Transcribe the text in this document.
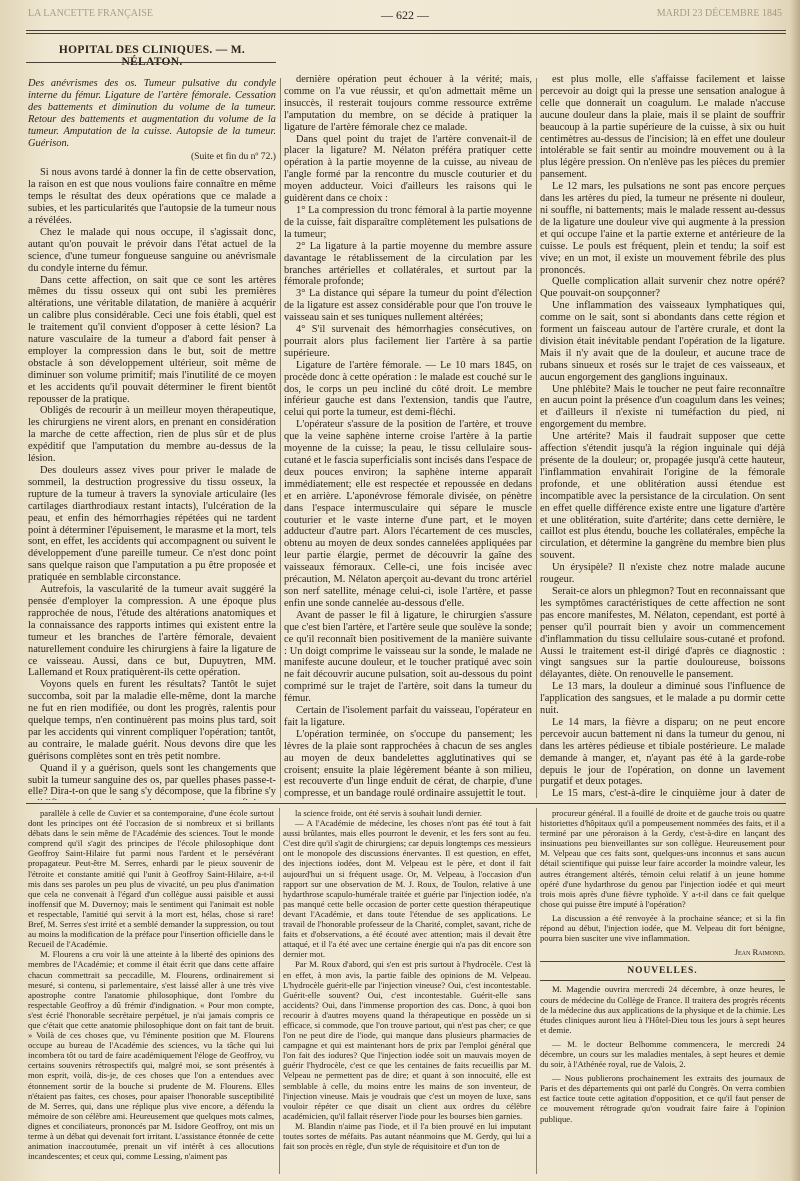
LA LANCETTE FRANÇAISE	— 622 —	MARDI 23 DÉCEMBRE 1845
HOPITAL DES CLINIQUES. — M. NÉLATON.

Des anévrismes des os. Tumeur pulsative du condyle interne du fémur. Ligature de l'artère fémorale. Cessation des battements et diminution du volume de la tumeur. Retour des battements et augmentation du volume de la tumeur. Amputation de la cuisse. Autopsie de la tumeur. Guérison.

(Suite et fin du nº 72.)

Si nous avons tardé à donner la fin de cette observation, la raison en est que nous voulions faire connaître en même temps le résultat des deux opérations que ce malade a subies, et les particularités que l'autopsie de la tumeur nous a révélées.

Chez le malade qui nous occupe, il s'agissait donc, autant qu'on pouvait le prévoir dans l'état actuel de la science, d'une tumeur fongueuse sanguine ou anévrismale du condyle interne du fémur.

Dans cette affection, on sait que ce sont les artères mêmes du tissu osseux qui ont subi les premières altérations, une véritable dilatation, de manière à acquérir un calibre plus considérable. Ceci une fois établi, quel est le traitement qu'il convient d'opposer à cette lésion? La nature vasculaire de la tumeur a d'abord fait penser à employer la compression dans le but, soit de mettre obstacle à son développement ultérieur, soit même de diminuer son volume primitif; mais l'inutilité de ce moyen et les accidents qu'il pouvait déterminer le firent bientôt repousser de la pratique.

Obligés de recourir à un meilleur moyen thérapeutique, les chirurgiens ne virent alors, en prenant en considération la marche de cette affection, rien de plus sûr et de plus expéditif que l'amputation du membre au-dessus de la lésion.

Des douleurs assez vives pour priver le malade de sommeil, la destruction progressive du tissu osseux, la rupture de la tumeur à travers la synoviale articulaire (les cartilages diarthrodiaux restant intacts), l'ulcération de la peau, et enfin des hémorrhagies répétées qui ne tardent point à déterminer l'épuisement, le marasme et la mort, tels sont, en effet, les accidents qui accompagnent ou suivent le développement d'une pareille tumeur. Ce n'est donc point sans quelque raison que l'amputation a pu être proposée et pratiquée en semblable circonstance.

Autrefois, la vascularité de la tumeur avait suggéré la pensée d'employer la compression. A une époque plus rapprochée de nous, l'étude des altérations anatomiques et la connaissance des rapports intimes qui existent entre la tumeur et les branches de l'artère fémorale, devaient naturellement conduire les chirurgiens à faire la ligature de ce vaisseau. Aussi, dans ce but, Dupuytren, MM. Lallemand et Roux pratiquèrent-ils cette opération.

Voyons quels en furent les résultats? Tantôt le sujet succomba, soit par la maladie elle-même, dont la marche ne fut en rien modifiée, ou dont les progrès, ralentis pour quelque temps, n'en continuèrent pas moins plus tard, soit par les accidents qui vinrent compliquer l'opération; tantôt, au contraire, le malade guérit. Nous devons dire que les guérisons complètes sont en très petit nombre.

Quand il y a guérison, quels sont les changements que subit la tumeur sanguine des os, par quelles phases passe-t-elle? Dira-t-on que le sang s'y décompose, que la fibrine s'y

dernière opération peut échouer à la vérité; mais, comme on l'a vue réussir, et qu'on admettait même un insuccès, il resterait toujours comme ressource extrême l'amputation du membre, on se décide à pratiquer la ligature de l'artère fémorale chez ce malade.

Dans quel point du trajet de l'artère convenait-il de placer la ligature? M. Nélaton préféra pratiquer cette opération à la partie moyenne de la cuisse, au niveau de l'angle formé par la rencontre du muscle couturier et du moyen adducteur. Voici d'ailleurs les raisons qui le guidèrent dans ce choix :

1° La compression du tronc fémoral à la partie moyenne de la cuisse, fait disparaître complètement les pulsations de la tumeur;

2° La ligature à la partie moyenne du membre assure davantage le rétablissement de la circulation par les branches artérielles et collatérales, et surtout par la fémorale profonde;

3° La distance qui sépare la tumeur du point d'élection de la ligature est assez considérable pour que l'on trouve le vaisseau sain et ses tuniques nullement altérées;

4° S'il survenait des hémorrhagies consécutives, on pourrait alors plus facilement lier l'artère à sa partie supérieure.

Ligature de l'artère fémorale. — Le 10 mars 1845, on procède donc à cette opération : le malade est couché sur le dos, le corps un peu incliné du côté droit. Le membre inférieur gauche est dans l'extension, tandis que l'autre, celui qui porte la tumeur, est demi-fléchi.

L'opérateur s'assure de la position de l'artère, et trouve que la veine saphène interne croise l'artère à la partie moyenne de la cuisse; la peau, le tissu cellulaire sous-cutané et le fascia superficialis sont incisés dans l'espace de deux pouces environ; la saphène interne apparaît immédiatement; elle est respectée et repoussée en dedans et en arrière. L'aponévrose fémorale divisée, on pénètre dans l'espace intermusculaire qui sépare le muscle couturier et le vaste interne d'une part, et le moyen adducteur d'autre part. Alors l'écartement de ces muscles, obtenu au moyen de deux sondes cannelées appliquées par leur partie élargie, permet de découvrir la gaîne des vaisseaux fémoraux. Celle-ci, une fois incisée avec précaution, M. Nélaton aperçoit au-devant du tronc artériel son nerf satellite, ménage celui-ci, isole l'artère, et passe enfin une sonde cannelée au-dessous d'elle.

Avant de passer le fil à ligature, le chirurgien s'assure que c'est bien l'artère, et l'artère seule que soulève la sonde; ce qu'il reconnaît bien positivement de la manière suivante : Un doigt comprime le vaisseau sur la sonde, le malade ne manifeste aucune douleur, et le toucher pratiqué avec soin ne fait découvrir aucune pulsation, soit au-dessous du point comprimé sur le trajet de l'artère, soit dans la tumeur du fémur.

Certain de l'isolement parfait du vaisseau, l'opérateur en fait la ligature.

L'opération terminée, on s'occupe du pansement; les lèvres de la plaie sont rapprochées à chacun de ses angles au moyen de deux bandelettes agglutinatives qui se croisent; ensuite la plaie légèrement béante à son milieu, est recouverte d'un linge enduit de cérat, de charpie, d'une compresse, et un bandage roulé ordinaire assujettit le tout.

est plus molle, elle s'affaisse facilement et laisse percevoir au doigt qui la presse une sensation analogue à celle que donnerait un coagulum. Le malade n'accuse aucune douleur dans la plaie, mais il se plaint de souffrir beaucoup à la partie supérieure de la cuisse, à six ou huit centimètres au-dessus de l'incision; là en effet une douleur intolérable se fait sentir au moindre mouvement ou à la plus légère pression. On n'enlève pas les pièces du premier pansement.

Le 12 mars, les pulsations ne sont pas encore perçues dans les artères du pied, la tumeur ne présente ni douleur, ni souffle, ni battements; mais le malade ressent au-dessus de la ligature une douleur vive qui augmente à la pression et qui occupe l'aine et la partie externe et antérieure de la cuisse. Le pouls est fréquent, plein et tendu; la soif est vive; en un mot, il existe un mouvement fébrile des plus prononcés.

Quelle complication allait survenir chez notre opéré? Que pouvait-on soupçonner?

Une inflammation des vaisseaux lymphatiques qui, comme on le sait, sont si abondants dans cette région et forment un faisceau autour de l'artère crurale, et dont la division était inévitable pendant l'opération de la ligature. Mais il n'y avait que de la douleur, et aucune trace de rubans sinueux et rosés sur le trajet de ces vaisseaux, et aucun engorgement des ganglions inguinaux.

Une phlébite? Mais le toucher ne peut faire reconnaître en aucun point la présence d'un coagulum dans les veines; et d'ailleurs il n'existe ni tuméfaction du pied, ni engorgement du membre.

Une artérite? Mais il faudrait supposer que cette affection s'étendit jusqu'à la région inguinale qui déjà présente de la douleur; or, propagée jusqu'à cette hauteur, l'inflammation envahirait l'origine de la fémorale profonde, et une oblitération aussi étendue est incompatible avec la persistance de la circulation. On sent en effet quelle différence existe entre une ligature d'artère et une oblitération, suite d'artérite; dans cette dernière, le caillot est plus étendu, bouche les collatérales, empêche la circulation, et détermine la gangrène du membre bien plus souvent.

Un érysipèle? Il n'existe chez notre malade aucune rougeur.

Serait-ce alors un phlegmon? Tout en reconnaissant que les symptômes caractéristiques de cette affection ne sont pas encore manifestes, M. Nélaton, cependant, est porté à penser qu'il pourrait bien y avoir un commencement d'inflammation du tissu cellulaire sous-cutané et profond. Aussi le traitement est-il dirigé d'après ce diagnostic : vingt sangsues sur la partie douloureuse, boissons délayantes, diète. On renouvelle le pansement.

Le 13 mars, la douleur a diminué sous l'influence de l'application des sangsues, et le malade a pu dormir cette nuit.

Le 14 mars, la fièvre a disparu; on ne peut encore percevoir aucun battement ni dans la tumeur du genou, ni dans les artères pédieuse et tibiale postérieure. Le malade demande à manger, et, n'ayant pas été à la garde-robe depuis le jour de l'opération, on donne un lavement purgatif et deux potages.

Le 15 mars, c'est-à-dire le cinquième jour à dater de

parallèle à celle de Cuvier et sa contemporaine, d'une école surtout dont les principes ont été l'occasion de si nombreux et si brillants débats dans le sein même de l'Académie des sciences. Tout le monde comprend qu'il s'agit des principes de l'école philosophique dont Geoffroy Saint-Hilaire fut parmi nous l'ardent et le persévérant propagateur. Peut-être M. Serres, enhardi par le pieux souvenir de l'étroite et constante amitié qui l'unit à Geoffroy Saint-Hilaire, a-t-il mis dans ses paroles un peu plus de vivacité, un peu plus d'animation que cela ne convenait à l'égard d'un collègue aussi paisible et aussi inoffensif que M. Duvernoy; mais le sentiment qui l'animait est noble et respectable, l'amitié qui servit à la mort est, hélas, chose si rare! Bref, M. Serres s'est irrité et a semblé demander la suppression, ou tout au moins la modification de la préface pour l'insertion officielle dans le Recueil de l'Académie.

M. Flourens a cru voir là une atteinte à la liberté des opinions des membres de l'Académie; et comme il était écrit que dans cette affaire chacun commettrait sa peccadille, M. Flourens, ordinairement si mesuré, si contenu, si parlementaire, s'est laissé aller à une très vive apostrophe contre l'anatomie philosophique, dont l'ombre du respectable Geoffroy a dû frémir d'indignation. « Pour mon compte, s'est écrié l'honorable secrétaire perpétuel, je n'ai jamais compris ce que c'était que cette anatomie philosophique dont on fait tant de bruit. » Voilà de ces choses que, vu l'éminente position que M. Flourens occupe au bureau de l'Académie des sciences, vu la tâche qui lui incombera tôt ou tard de faire académiquement l'éloge de Geoffroy, vu certains souvenirs rétrospectifs qui, malgré moi, se sont présentés à mon esprit, voilà, dis-je, de ces choses que l'on a entendues avec étonnement sortir de la bouche si prudente de M. Flourens. Elles n'étaient pas faites, ces choses, pour apaiser l'honorable susceptibilité de M. Serres, qui, dans une réplique plus vive encore, a défendu la mémoire de son célèbre ami. Heureusement que quelques mots calmes, dignes et conciliateurs, prononcés par M. Isidore Geoffroy, ont mis un terme à un débat qui devenait fort irritant. L'assistance étonnée de cette animation inaccoutumée, prenait un vif intérêt à ces allocutions incandescentes; et ceux qui, comme Lessing, n'aiment pas

la science froide, ont été servis à souhait lundi dernier.

— A l'Académie de médecine, les choses n'ont pas été tout à fait aussi brûlantes, mais elles pourront le devenir, et les fers sont au feu. C'est dire qu'il s'agit de chirurgiens; car depuis longtemps ces messieurs ont le monopole des discussions énervantes. Il est question, en effet, des injections iodées, dont M. Velpeau est le père, et dont il fait aujourd'hui un si fréquent usage. Or, M. Velpeau, à l'occasion d'un rapport sur une observation de M. J. Roux, de Toulon, relative à une hydarthrose scapulo-humérale traitée et guérie par l'injection iodée, n'a pas manqué cette belle occasion de porter cette question thérapeutique devant l'Académie, et dans toute l'étendue de ses applications. Le travail de l'honorable professeur de la Charité, complet, savant, riche de faits et d'observations, a été écouté avec attention; mais il devait être attaqué, et il l'a été avec une certaine énergie qui n'a pas dit encore son dernier mot.

Par M. Roux d'abord, qui s'en est pris surtout à l'hydrocèle. C'est là en effet, à mon avis, la partie faible des opinions de M. Velpeau. L'hydrocèle guérit-elle par l'injection vineuse? Oui, c'est incontestable. Guérit-elle souvent? Oui, c'est incontestable. Guérit-elle sans accidents? Oui, dans l'immense proportion des cas. Donc, à quoi bon recourir à d'autres moyens quand la thérapeutique en possède un si efficace, si commode, que l'on trouve partout, qui n'est pas cher; ce que l'on ne peut dire de l'iode, qui manque dans plusieurs pharmacies de campagne et qui est maintenant hors de prix par l'emploi général que l'on fait des iodures? Que l'injection iodée soit un mauvais moyen de guérir l'hydrocèle, c'est ce que les centaines de faits recueillis par M. Velpeau ne permettent pas de dire; et quant à son innocuité, elle est semblable à celle, du moins entre les mains de son inventeur, de l'injection vineuse. Mais je voudrais que c'est un moyen de luxe, sans vouloir répéter ce que disait un client aux ordres du célèbre académicien, qu'il fallait réserver l'iode pour les bourses bien garnies.

M. Blandin n'aime pas l'iode, et il l'a bien prouvé en lui imputant toutes sortes de méfaits. Pas autant néanmoins que M. Gerdy, qui lui a fait son procès en règle, d'un style de réquisitoire et d'un ton de

procureur général. Il a fouillé de droite et de gauche trois ou quatre historiettes d'hôpitaux qu'il a pompeusement nommées des faits, et il a terminé par une péroraison à la Gerdy, c'est-à-dire en lançant des insinuations peu bienveillantes sur son collègue. Heureusement pour M. Velpeau que ces faits sont, quelques-uns inconnus et sans aucun détail scientifique qui puisse leur faire accorder la moindre valeur, les autres étrangement altérés, témoin celui relatif à un jeune homme opéré d'une hydarthrose du genou par l'injection iodée et qui meurt trois mois après d'une fièvre typhoïde. Y a-t-il dans ce fait quelque chose qui puisse être imputé à l'opération?

La discussion a été renvoyée à la prochaine séance; et si la fin répond au début, l'injection iodée, que M. Velpeau dit fort bénigne, pourra bien susciter une vive inflammation.

Jean Raimond.

NOUVELLES.

M. Magendie ouvrira mercredi 24 décembre, à onze heures, le cours de médecine du Collège de France. Il traitera des progrès récents de la médecine dus aux applications de la physique et de la chimie. Les études cliniques auront lieu à l'Hôtel-Dieu tous les jours à sept heures et demie.

— M. le docteur Belhomme commencera, le mercredi 24 décembre, un cours sur les maladies mentales, à sept heures et demie du soir, à l'Athénée royal, rue de Valois, 2.

— Nous publierons prochainement les extraits des journaux de Paris et des départements qui ont parlé du Congrès. On verra combien est factice toute cette agitation d'opposition, et ce qu'il faut penser de ce mouvement rétrograde qu'on voudrait faire faire à l'opinion publique.
